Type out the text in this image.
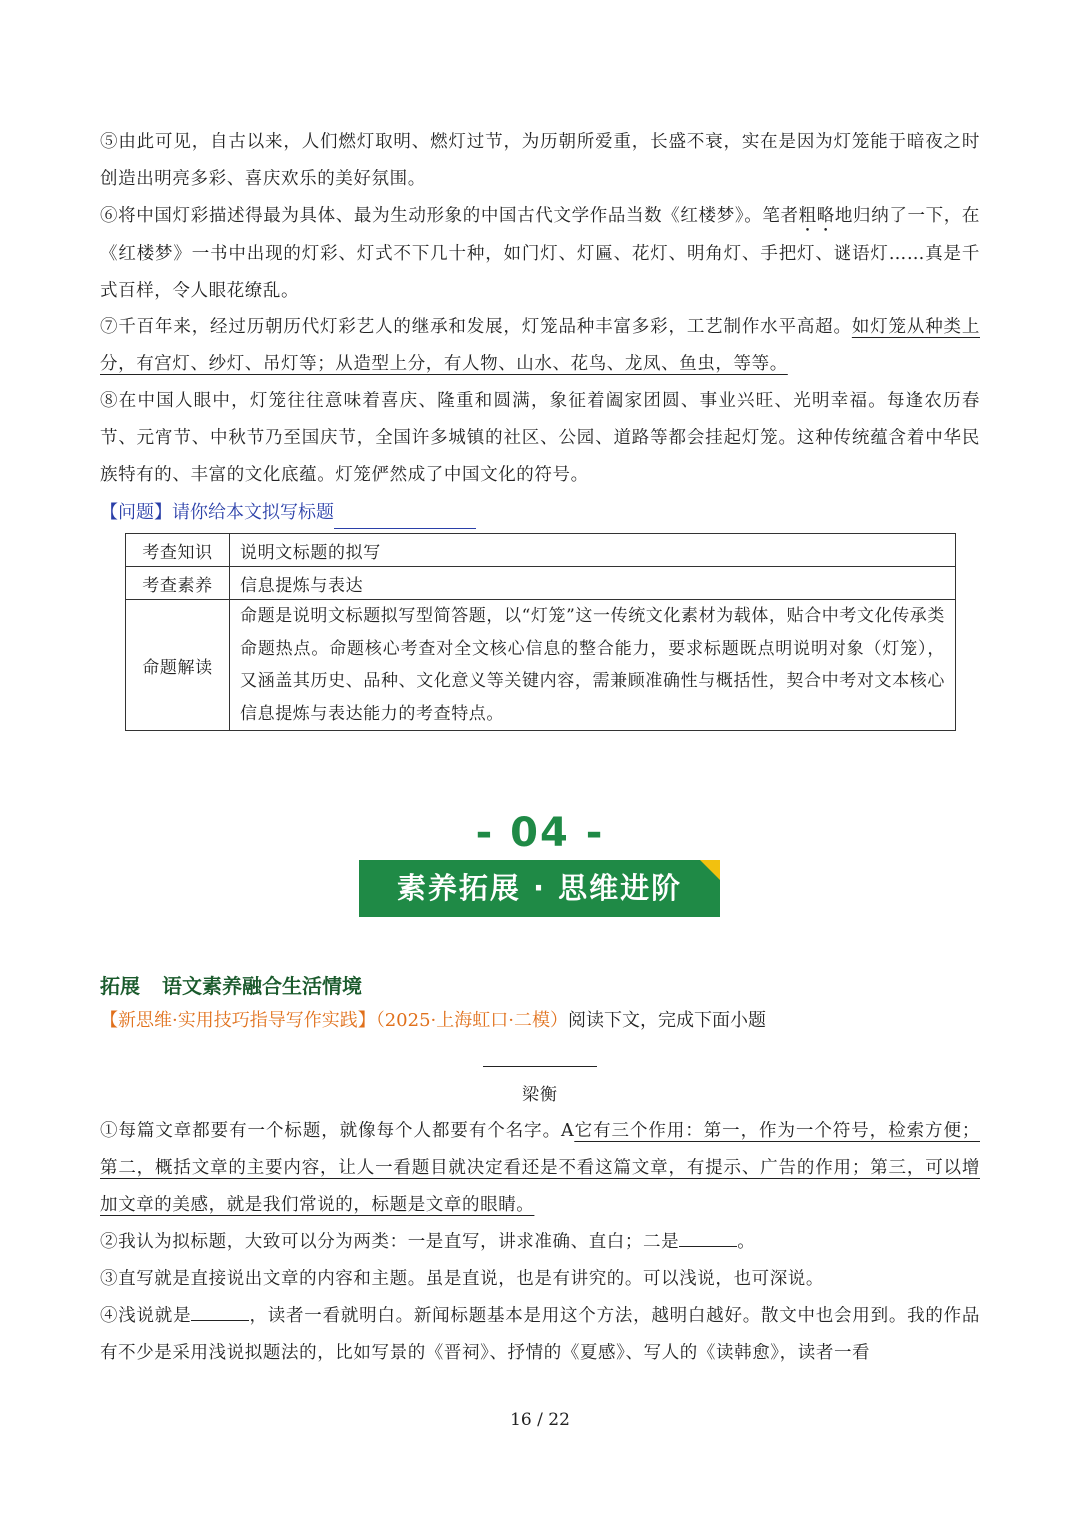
⑤由此可见，自古以来，人们燃灯取明、燃灯过节，为历朝所爱重，长盛不衰，实在是因为灯笼能于暗夜之时创造出明亮多彩、喜庆欢乐的美好氛围。
⑥将中国灯彩描述得最为具体、最为生动形象的中国古代文学作品当数《红楼梦》。笔者粗略地归纳了一下，在《红楼梦》一书中出现的灯彩、灯式不下几十种，如门灯、灯匾、花灯、明角灯、手把灯、谜语灯……真是千式百样，令人眼花缭乱。
⑦千百年来，经过历朝历代灯彩艺人的继承和发展，灯笼品种丰富多彩，工艺制作水平高超。如灯笼从种类上分，有宫灯、纱灯、吊灯等；从造型上分，有人物、山水、花鸟、龙凤、鱼虫，等等。
⑧在中国人眼中，灯笼往往意味着喜庆、隆重和圆满，象征着阖家团圆、事业兴旺、光明幸福。每逢农历春节、元宵节、中秋节乃至国庆节，全国许多城镇的社区、公园、道路等都会挂起灯笼。这种传统蕴含着中华民族特有的、丰富的文化底蕴。灯笼俨然成了中国文化的符号。
【问题】请你给本文拟写标题
考查知识	说明文标题的拟写
考查素养	信息提炼与表达
命题解读	命题是说明文标题拟写型简答题，以“灯笼”这一传统文化素材为载体，贴合中考文化传承类命题热点。命题核心考查对全文核心信息的整合能力，要求标题既点明说明对象（灯笼），又涵盖其历史、品种、文化意义等关键内容，需兼顾准确性与概括性，契合中考对文本核心信息提炼与表达能力的考查特点。
- 04 -
素养拓展 · 思维进阶
拓展 语文素养融合生活情境
【新思维·实用技巧指导写作实践】（2025·上海虹口·二模）阅读下文，完成下面小题
梁衡
①每篇文章都要有一个标题，就像每个人都要有个名字。A它有三个作用：第一，作为一个符号，检索方便；第二，概括文章的主要内容，让人一看题目就决定看还是不看这篇文章，有提示、广告的作用；第三，可以增加文章的美感，就是我们常说的，标题是文章的眼睛。
②我认为拟标题，大致可以分为两类：一是直写，讲求准确、直白；二是	。
③直写就是直接说出文章的内容和主题。虽是直说，也是有讲究的。可以浅说，也可深说。
④浅说就是	，读者一看就明白。新闻标题基本是用这个方法，越明白越好。散文中也会用到。我的作品有不少是采用浅说拟题法的，比如写景的《晋祠》、抒情的《夏感》、写人的《读韩愈》，读者一看
16 / 22
